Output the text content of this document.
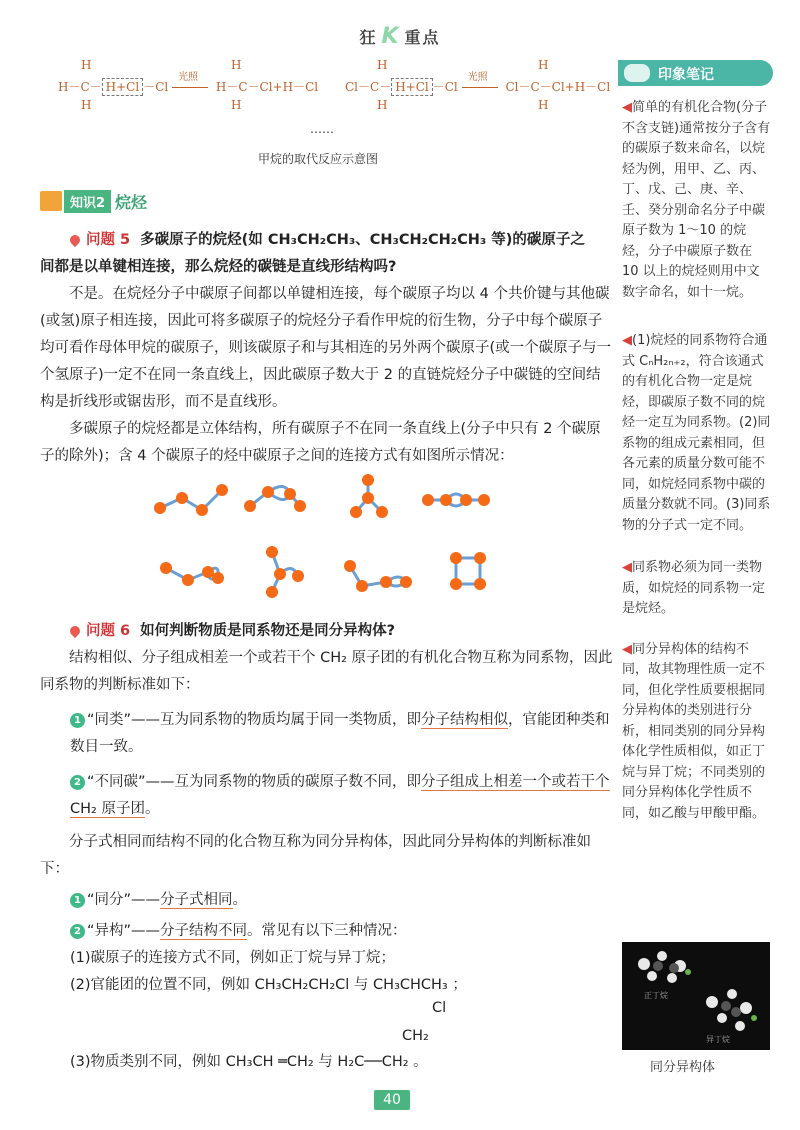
狂 K 重点
H
H
H－C－ H+Cl －Cl
光照
H－C－Cl+H－Cl
H
H
H
H
Cl－C－ H+Cl －Cl
光照
Cl－C－Cl+H－Cl
H
H
……
甲烷的取代反应示意图
知识2 烷烃

问题 5 多碳原子的烷烃(如 CH₃CH₂CH₃、CH₃CH₂CH₂CH₃ 等)的碳原子之

间都是以单键相连接，那么烷烃的碳链是直线形结构吗?

不是。在烷烃分子中碳原子间都以单键相连接，每个碳原子均以 4 个共价键与其他碳(或氢)原子相连接，因此可将多碳原子的烷烃分子看作甲烷的衍生物，分子中每个碳原子均可看作母体甲烷的碳原子，则该碳原子和与其相连的另外两个碳原子(或一个碳原子与一个氢原子)一定不在同一条直线上，因此碳原子数大于 2 的直链烷烃分子中碳链的空间结构是折线形或锯齿形，而不是直线形。

多碳原子的烷烃都是立体结构，所有碳原子不在同一条直线上(分子中只有 2 个碳原子的除外)；含 4 个碳原子的烃中碳原子之间的连接方式有如图所示情况：

问题 6 如何判断物质是同系物还是同分异构体?

结构相似、分子组成相差一个或若干个 CH₂ 原子团的有机化合物互称为同系物，因此同系物的判断标准如下：

1 “同类”——互为同系物的物质均属于同一类物质，即分子结构相似，官能团种类和数目一致。

2 “不同碳”——互为同系物的物质的碳原子数不同，即分子组成上相差一个或若干个 CH₂ 原子团。

分子式相同而结构不同的化合物互称为同分异构体，因此同分异构体的判断标准如下：

1 “同分”——分子式相同。

2 “异构”——分子结构不同。常见有以下三种情况：

(1)碳原子的连接方式不同，例如正丁烷与异丁烷；

(2)官能团的位置不同，例如 CH₃CH₂CH₂Cl 与 CH₃CHCH₃ ；

Cl

CH₂

(3)物质类别不同，例如 CH₃CH ═CH₂ 与 H₂C──CH₂ 。

印象笔记

◀简单的有机化合物(分子不含支链)通常按分子含有的碳原子数来命名，以烷烃为例，用甲、乙、丙、丁、戊、己、庚、辛、壬、癸分别命名分子中碳原子数为 1～10 的烷烃，分子中碳原子数在 10 以上的烷烃则用中文数字命名，如十一烷。

◀(1)烷烃的同系物符合通式 CₙH₂ₙ₊₂，符合该通式的有机化合物一定是烷烃，即碳原子数不同的烷烃一定互为同系物。(2)同系物的组成元素相同，但各元素的质量分数可能不同，如烷烃同系物中碳的质量分数就不同。(3)同系物的分子式一定不同。

◀同系物必须为同一类物质，如烷烃的同系物一定是烷烃。

◀同分异构体的结构不同，故其物理性质一定不同，但化学性质要根据同分异构体的类别进行分析，相同类别的同分异构体化学性质相似，如正丁烷与异丁烷；不同类别的同分异构体化学性质不同，如乙酸与甲酸甲酯。

正丁烷
异丁烷
同分异构体
40
